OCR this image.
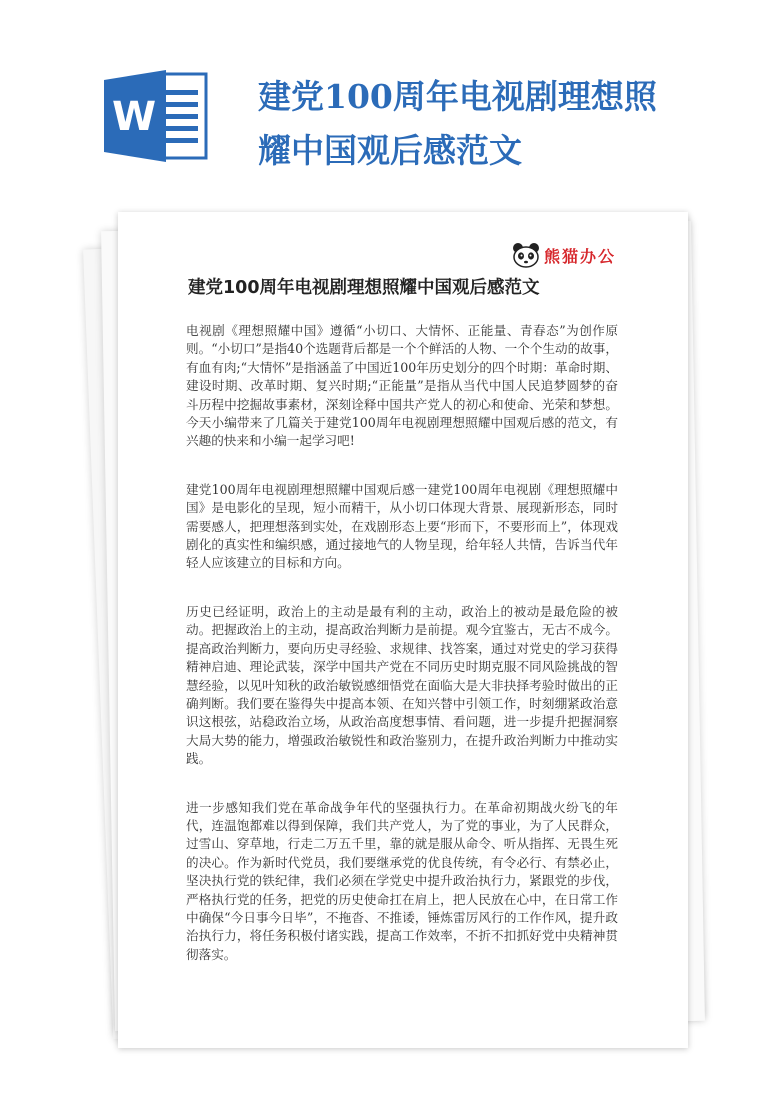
W	建党100周年电视剧理想照耀中国观后感范文
熊猫办公
建党100周年电视剧理想照耀中国观后感范文

电视剧《理想照耀中国》遵循“小切口、大情怀、正能量、青春态”为创作原则。“小切口”是指40个选题背后都是一个个鲜活的人物、一个个生动的故事，有血有肉;“大情怀”是指涵盖了中国近100年历史划分的四个时期：革命时期、建设时期、改革时期、复兴时期;“正能量”是指从当代中国人民追梦圆梦的奋斗历程中挖掘故事素材，深刻诠释中国共产党人的初心和使命、光荣和梦想。今天小编带来了几篇关于建党100周年电视剧理想照耀中国观后感的范文，有兴趣的快来和小编一起学习吧!

建党100周年电视剧理想照耀中国观后感一建党100周年电视剧《理想照耀中国》是电影化的呈现，短小而精干，从小切口体现大背景、展现新形态，同时需要感人，把理想落到实处，在戏剧形态上要“形而下，不要形而上”，体现戏剧化的真实性和编织感，通过接地气的人物呈现，给年轻人共情，告诉当代年轻人应该建立的目标和方向。

历史已经证明，政治上的主动是最有利的主动，政治上的被动是最危险的被动。把握政治上的主动，提高政治判断力是前提。观今宜鉴古，无古不成今。提高政治判断力，要向历史寻经验、求规律、找答案，通过对党史的学习获得精神启迪、理论武装，深学中国共产党在不同历史时期克服不同风险挑战的智慧经验，以见叶知秋的政治敏锐感细悟党在面临大是大非抉择考验时做出的正确判断。我们要在鉴得失中提高本领、在知兴替中引领工作，时刻绷紧政治意识这根弦，站稳政治立场，从政治高度想事情、看问题，进一步提升把握洞察大局大势的能力，增强政治敏锐性和政治鉴别力，在提升政治判断力中推动实践。

进一步感知我们党在革命战争年代的坚强执行力。在革命初期战火纷飞的年代，连温饱都难以得到保障，我们共产党人，为了党的事业，为了人民群众，过雪山、穿草地，行走二万五千里，靠的就是服从命令、听从指挥、无畏生死的决心。作为新时代党员，我们要继承党的优良传统，有令必行、有禁必止，坚决执行党的铁纪律，我们必须在学党史中提升政治执行力，紧跟党的步伐，严格执行党的任务，把党的历史使命扛在肩上，把人民放在心中，在日常工作中确保“今日事今日毕”，不拖沓、不推诿，锤炼雷厉风行的工作作风，提升政治执行力，将任务积极付诸实践，提高工作效率，不折不扣抓好党中央精神贯彻落实。
